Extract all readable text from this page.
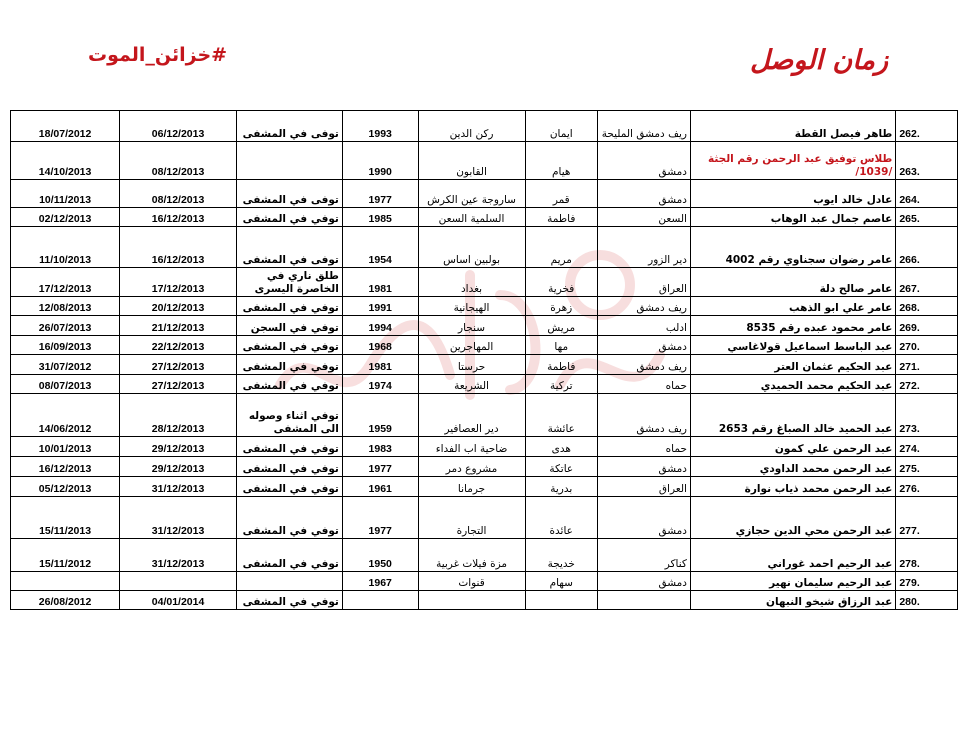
#خزائن_الموت	زمان الوصل
18/07/2012	06/12/2013	توفى في المشفى	1993	ركن الدين	ايمان	ريف دمشق المليحة	طاهر فيصل القطة	262.
14/10/2013	08/12/2013		1990	القابون	هيام	دمشق	طلاس توفيق عبد الرحمن رقم الجثة /1039/	263.
10/11/2013	08/12/2013	توفى في المشفى	1977	ساروجة عين الكرش	قمر	دمشق	عادل خالد ايوب	264.
02/12/2013	16/12/2013	توفي في المشفى	1985	السلمية السعن	فاطمة	السعن	عاصم جمال عبد الوهاب	265.
11/10/2013	16/12/2013	توفى في المشفى	1954	بولبين اساس	مريم	دير الزور	عامر رضوان سجناوي رقم 4002	266.
17/12/2013	17/12/2013	طلق ناري في الخاصرة اليسرى	1981	بغداد	فخرية	العراق	عامر صالح دلة	267.
12/08/2013	20/12/2013	توفي في المشفى	1991	الهيجانية	زهرة	ريف دمشق	عامر علي ابو الذهب	268.
26/07/2013	21/12/2013	توفي في السجن	1994	سنجار	مريش	ادلب	عامر محمود عبده رقم 8535	269.
16/09/2013	22/12/2013	توفي في المشفى	1968	المهاجرين	مها	دمشق	عبد الباسط اسماعيل قولاغاسي	270.
31/07/2012	27/12/2013	توفي في المشفى	1981	حرستا	فاطمة	ريف دمشق	عبد الحكيم عثمان العتر	271.
08/07/2013	27/12/2013	توفي في المشفى	1974	الشريعة	تركية	حماه	عبد الحكيم محمد الحميدي	272.
14/06/2012	28/12/2013	توفي اثناء وصوله الى المشفى	1959	دير العصافير	عائشة	ريف دمشق	عبد الحميد خالد الصباغ رقم 2653	273.
10/01/2013	29/12/2013	توفي في المشفى	1983	ضاحية اب الفداء	هدى	حماه	عبد الرحمن علي كمون	274.
16/12/2013	29/12/2013	توفي في المشفى	1977	مشروع دمر	عاتكة	دمشق	عبد الرحمن محمد الداودي	275.
05/12/2013	31/12/2013	توفي في المشفى	1961	جرمانا	بدرية	العراق	عبد الرحمن محمد ذياب نوارة	276.
15/11/2013	31/12/2013	توفي في المشفى	1977	التجارة	عائدة	دمشق	عبد الرحمن محي الدين حجازي	277.
15/11/2012	31/12/2013	توفي في المشفى	1950	مزة فيلات غربية	خديجة	كناكر	عبد الرحيم احمد غوراني	278.
			1967	قنوات	سهام	دمشق	عبد الرحيم سليمان نهير	279.
26/08/2012	04/01/2014	توفي في المشفى					عبد الرزاق شيخو النبهان	280.
